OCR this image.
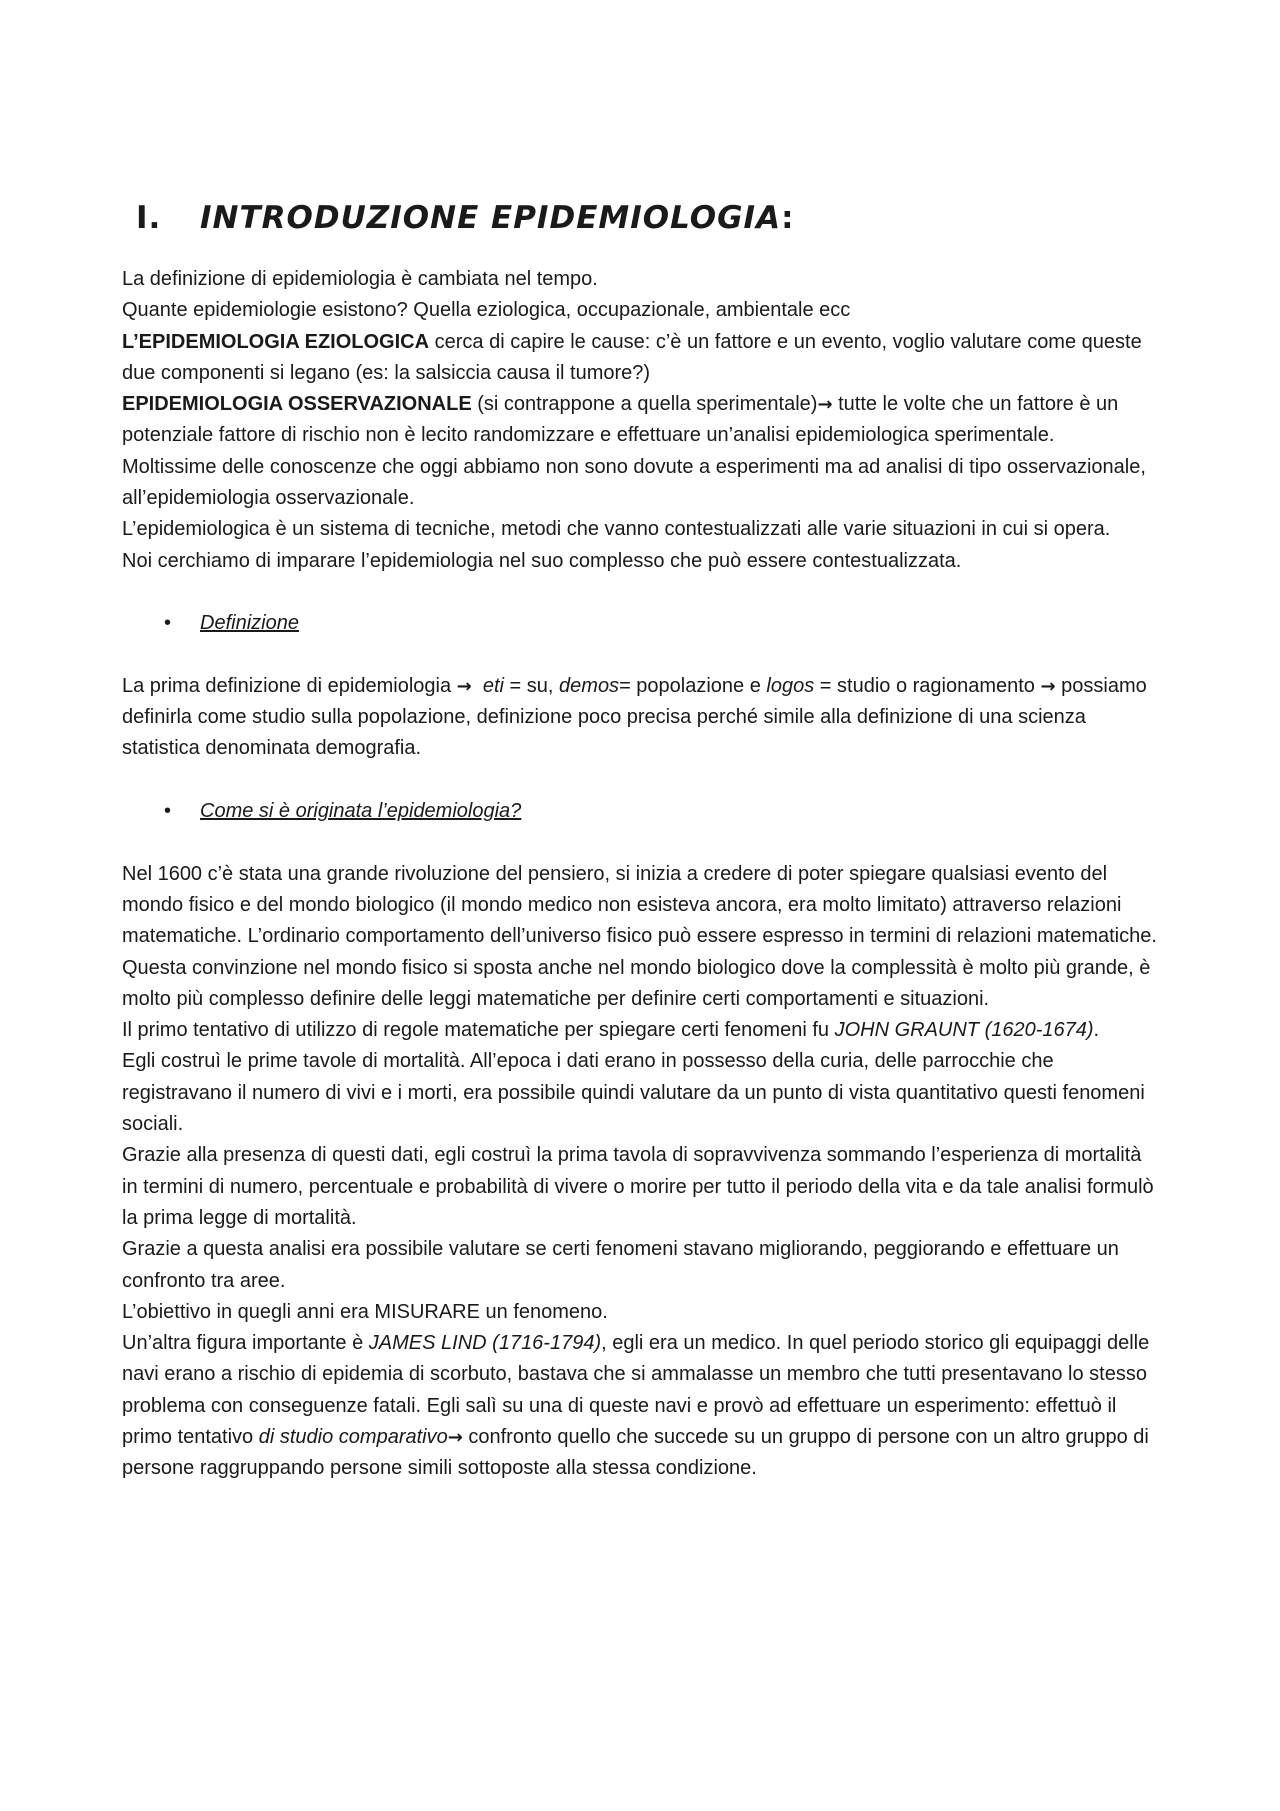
I. INTRODUZIONE EPIDEMIOLOGIA:

La definizione di epidemiologia è cambiata nel tempo.

Quante epidemiologie esistono? Quella eziologica, occupazionale, ambientale ecc

L’EPIDEMIOLOGIA EZIOLOGICA cerca di capire le cause: c’è un fattore e un evento, voglio valutare come queste due componenti si legano (es: la salsiccia causa il tumore?)

EPIDEMIOLOGIA OSSERVAZIONALE (si contrappone a quella sperimentale)→ tutte le volte che un fattore è un potenziale fattore di rischio non è lecito randomizzare e effettuare un’analisi epidemiologica sperimentale.

Moltissime delle conoscenze che oggi abbiamo non sono dovute a esperimenti ma ad analisi di tipo osservazionale, all’epidemiologia osservazionale.

L’epidemiologica è un sistema di tecniche, metodi che vanno contestualizzati alle varie situazioni in cui si opera.

Noi cerchiamo di imparare l’epidemiologia nel suo complesso che può essere contestualizzata.

• Definizione

La prima definizione di epidemiologia → eti = su, demos= popolazione e logos = studio o ragionamento → possiamo definirla come studio sulla popolazione, definizione poco precisa perché simile alla definizione di una scienza statistica denominata demografia.

• Come si è originata l’epidemiologia?

Nel 1600 c’è stata una grande rivoluzione del pensiero, si inizia a credere di poter spiegare qualsiasi evento del mondo fisico e del mondo biologico (il mondo medico non esisteva ancora, era molto limitato) attraverso relazioni matematiche. L’ordinario comportamento dell’universo fisico può essere espresso in termini di relazioni matematiche.

Questa convinzione nel mondo fisico si sposta anche nel mondo biologico dove la complessità è molto più grande, è molto più complesso definire delle leggi matematiche per definire certi comportamenti e situazioni.

Il primo tentativo di utilizzo di regole matematiche per spiegare certi fenomeni fu JOHN GRAUNT (1620-1674).

Egli costruì le prime tavole di mortalità. All’epoca i dati erano in possesso della curia, delle parrocchie che registravano il numero di vivi e i morti, era possibile quindi valutare da un punto di vista quantitativo questi fenomeni sociali.

Grazie alla presenza di questi dati, egli costruì la prima tavola di sopravvivenza sommando l’esperienza di mortalità in termini di numero, percentuale e probabilità di vivere o morire per tutto il periodo della vita e da tale analisi formulò la prima legge di mortalità.

Grazie a questa analisi era possibile valutare se certi fenomeni stavano migliorando, peggiorando e effettuare un confronto tra aree.

L’obiettivo in quegli anni era MISURARE un fenomeno.

Un’altra figura importante è JAMES LIND (1716-1794), egli era un medico. In quel periodo storico gli equipaggi delle navi erano a rischio di epidemia di scorbuto, bastava che si ammalasse un membro che tutti presentavano lo stesso problema con conseguenze fatali. Egli salì su una di queste navi e provò ad effettuare un esperimento: effettuò il primo tentativo di studio comparativo→ confronto quello che succede su un gruppo di persone con un altro gruppo di persone raggruppando persone simili sottoposte alla stessa condizione.
